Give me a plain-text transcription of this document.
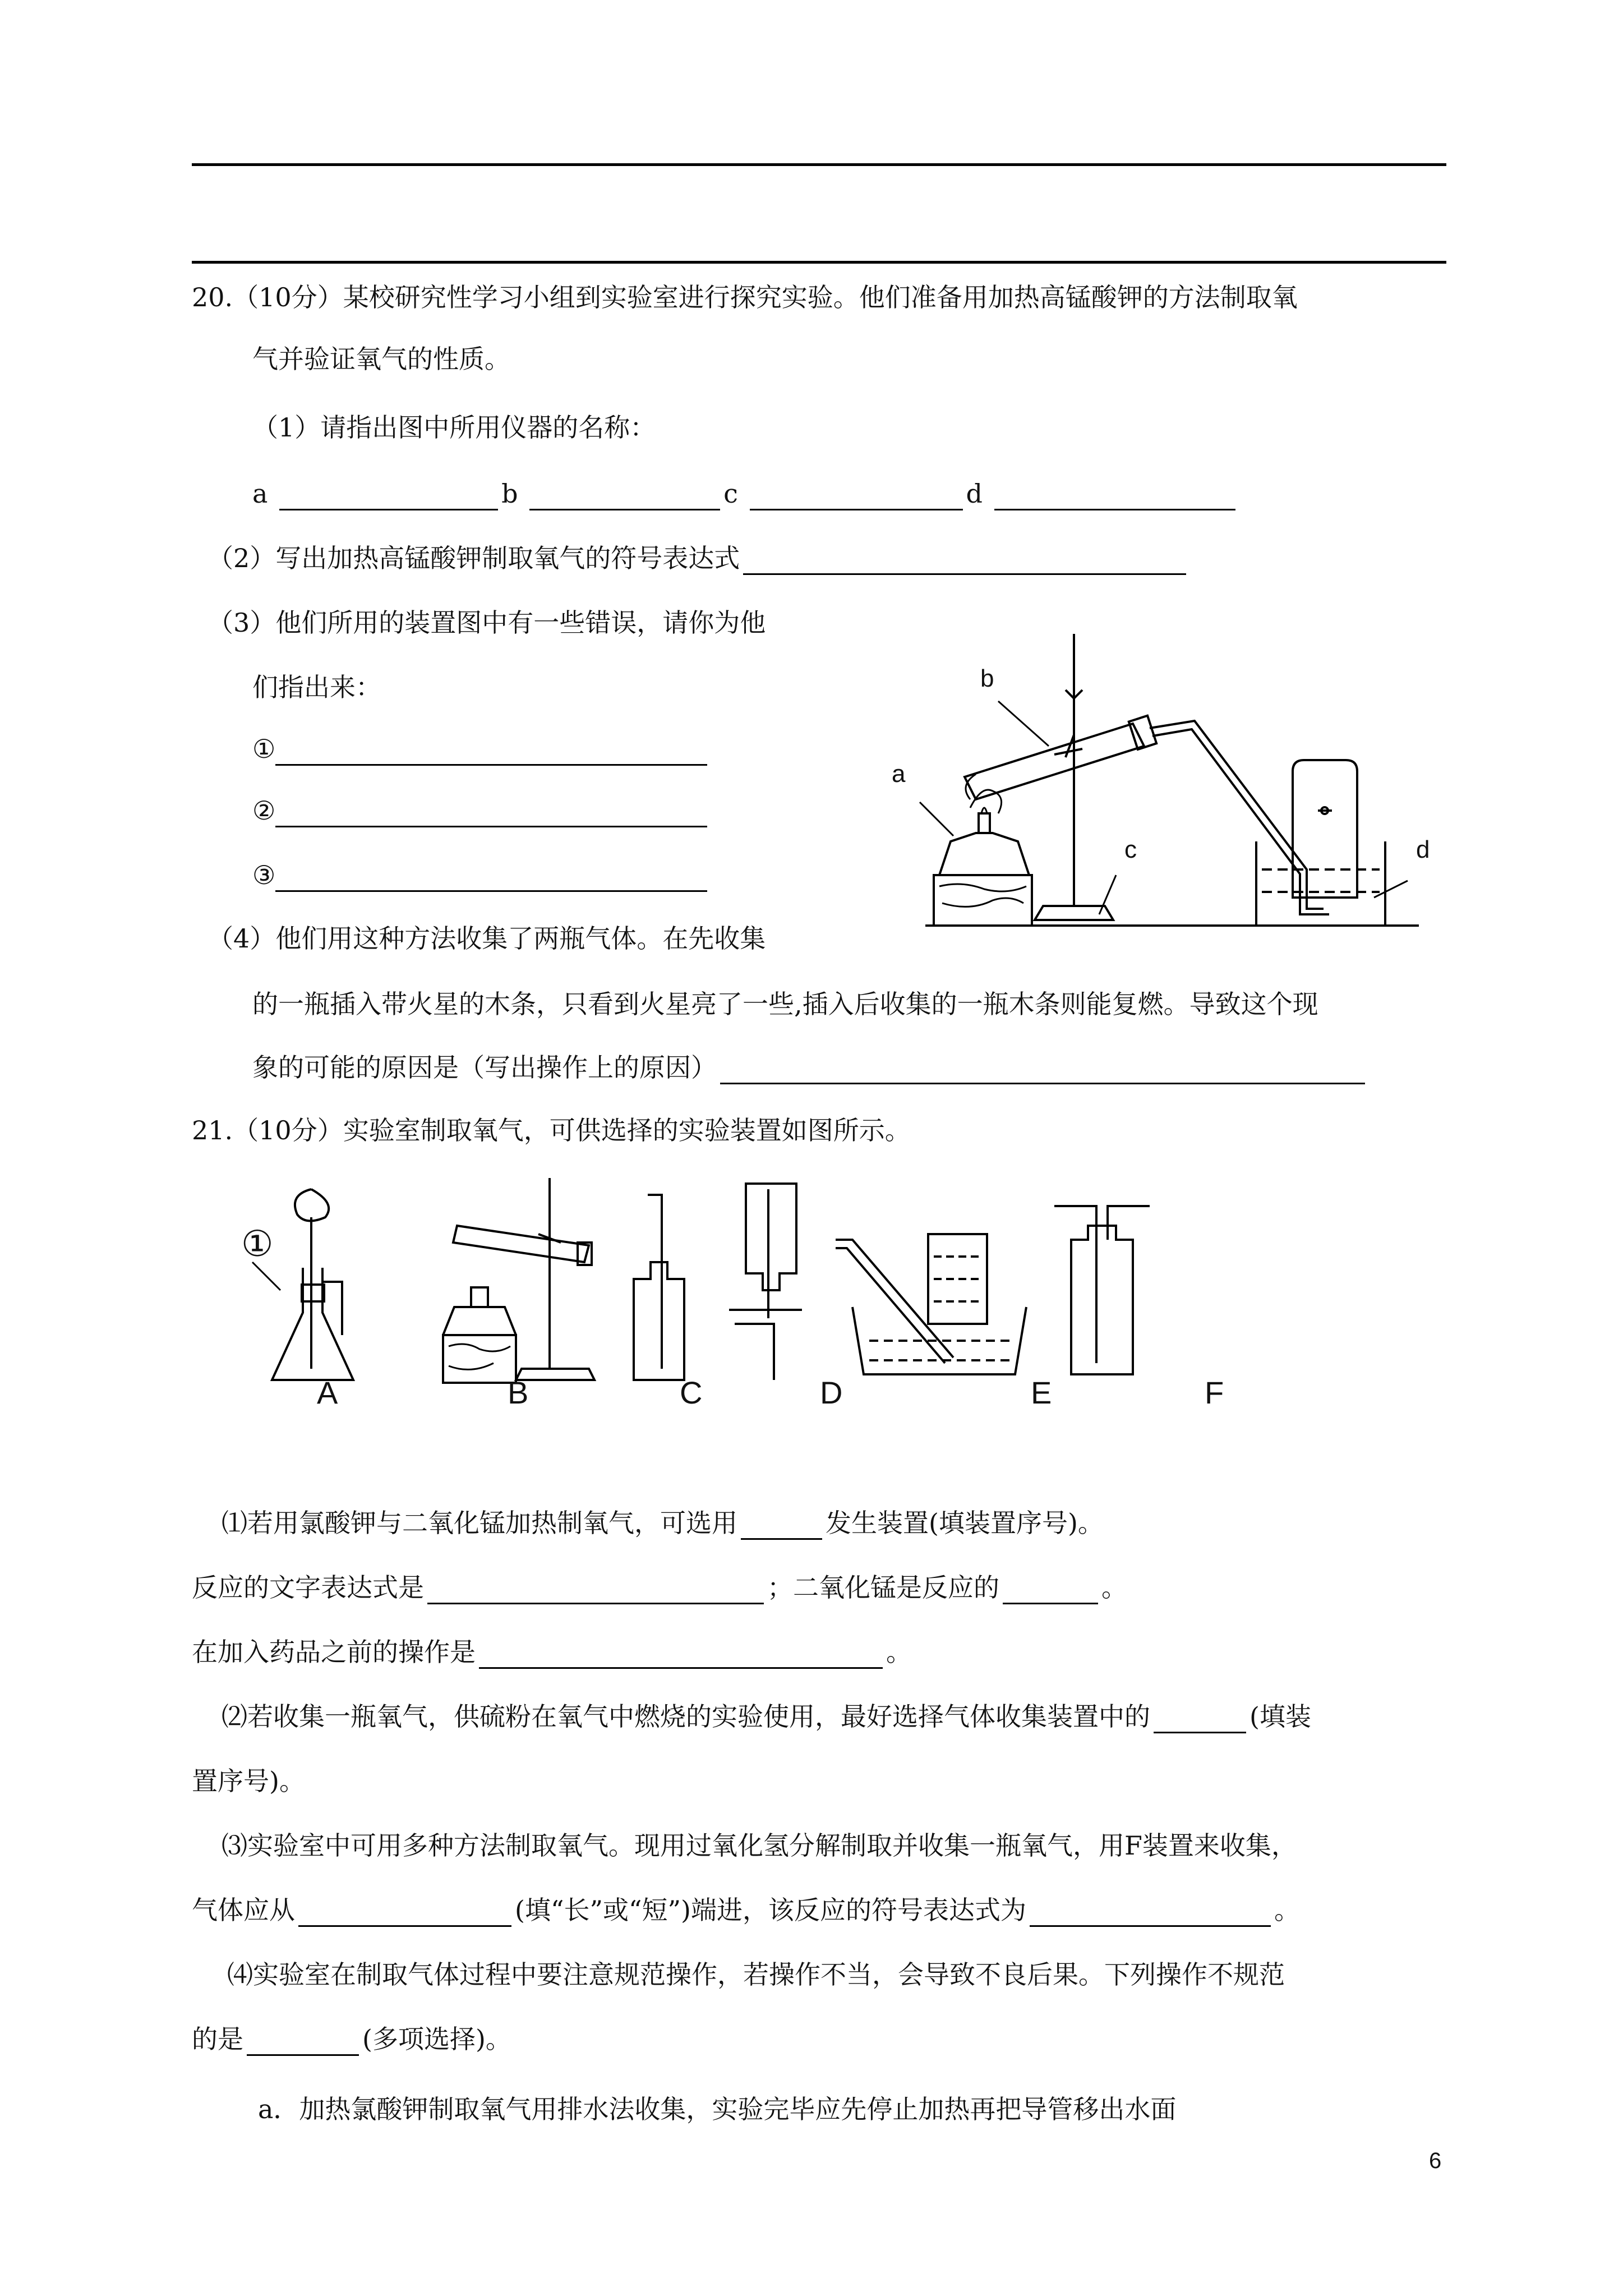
20.（10分）某校研究性学习小组到实验室进行探究实验。他们准备用加热高锰酸钾的方法制取氧
气并验证氧气的性质。
（1）请指出图中所用仪器的名称：
a	b	c	d
（2）写出加热高锰酸钾制取氧气的符号表达式
（3）他们所用的装置图中有一些错误，请你为他
们指出来：
①
②
③
（4）他们用这种方法收集了两瓶气体。在先收集
的一瓶插入带火星的木条，只看到火星亮了一些,插入后收集的一瓶木条则能复燃。导致这个现
象的可能的原因是（写出操作上的原因）
a
b
c	d
21.（10分）实验室制取氧气，可供选择的实验装置如图所示。
①
A	B	C	D	E	F
⑴若用氯酸钾与二氧化锰加热制氧气，可选用	发生装置(填装置序号)。
反应的文字表达式是	；二氧化锰是反应的	。
在加入药品之前的操作是	。
⑵若收集一瓶氧气，供硫粉在氧气中燃烧的实验使用，最好选择气体收集装置中的	(填装
置序号)。
⑶实验室中可用多种方法制取氧气。现用过氧化氢分解制取并收集一瓶氧气，用F装置来收集，
气体应从	(填“长”或“短”)端进，该反应的符号表达式为	。
⑷实验室在制取气体过程中要注意规范操作，若操作不当，会导致不良后果。下列操作不规范
的是	(多项选择)。
a．加热氯酸钾制取氧气用排水法收集，实验完毕应先停止加热再把导管移出水面
6
